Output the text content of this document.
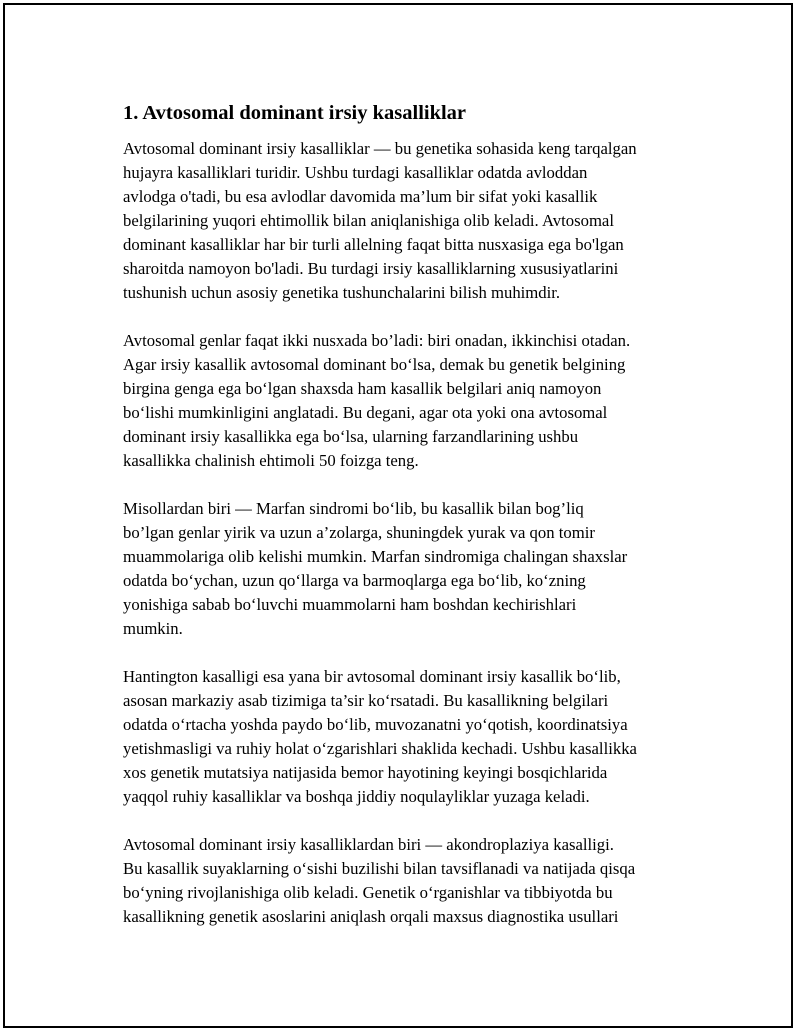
1. Avtosomal dominant irsiy kasalliklar

Avtosomal dominant irsiy kasalliklar — bu genetika sohasida keng tarqalgan
hujayra kasalliklari turidir. Ushbu turdagi kasalliklar odatda avloddan
avlodga o'tadi, bu esa avlodlar davomida ma’lum bir sifat yoki kasallik
belgilarining yuqori ehtimollik bilan aniqlanishiga olib keladi. Avtosomal
dominant kasalliklar har bir turli allelning faqat bitta nusxasiga ega bo'lgan
sharoitda namoyon bo'ladi. Bu turdagi irsiy kasalliklarning xususiyatlarini
tushunish uchun asosiy genetika tushunchalarini bilish muhimdir.

Avtosomal genlar faqat ikki nusxada bo’ladi: biri onadan, ikkinchisi otadan.
Agar irsiy kasallik avtosomal dominant bo‘lsa, demak bu genetik belgining
birgina genga ega bo‘lgan shaxsda ham kasallik belgilari aniq namoyon
bo‘lishi mumkinligini anglatadi. Bu degani, agar ota yoki ona avtosomal
dominant irsiy kasallikka ega bo‘lsa, ularning farzandlarining ushbu
kasallikka chalinish ehtimoli 50 foizga teng.

Misollardan biri — Marfan sindromi bo‘lib, bu kasallik bilan bog’liq
bo’lgan genlar yirik va uzun a’zolarga, shuningdek yurak va qon tomir
muammolariga olib kelishi mumkin. Marfan sindromiga chalingan shaxslar
odatda bo‘ychan, uzun qo‘llarga va barmoqlarga ega bo‘lib, ko‘zning
yonishiga sabab bo‘luvchi muammolarni ham boshdan kechirishlari
mumkin.

Hantington kasalligi esa yana bir avtosomal dominant irsiy kasallik bo‘lib,
asosan markaziy asab tizimiga ta’sir ko‘rsatadi. Bu kasallikning belgilari
odatda o‘rtacha yoshda paydo bo‘lib, muvozanatni yo‘qotish, koordinatsiya
yetishmasligi va ruhiy holat o‘zgarishlari shaklida kechadi. Ushbu kasallikka
xos genetik mutatsiya natijasida bemor hayotining keyingi bosqichlarida
yaqqol ruhiy kasalliklar va boshqa jiddiy noqulayliklar yuzaga keladi.

Avtosomal dominant irsiy kasalliklardan biri — akondroplaziya kasalligi.
Bu kasallik suyaklarning o‘sishi buzilishi bilan tavsiflanadi va natijada qisqa
bo‘yning rivojlanishiga olib keladi. Genetik o‘rganishlar va tibbiyotda bu
kasallikning genetik asoslarini aniqlash orqali maxsus diagnostika usullari
